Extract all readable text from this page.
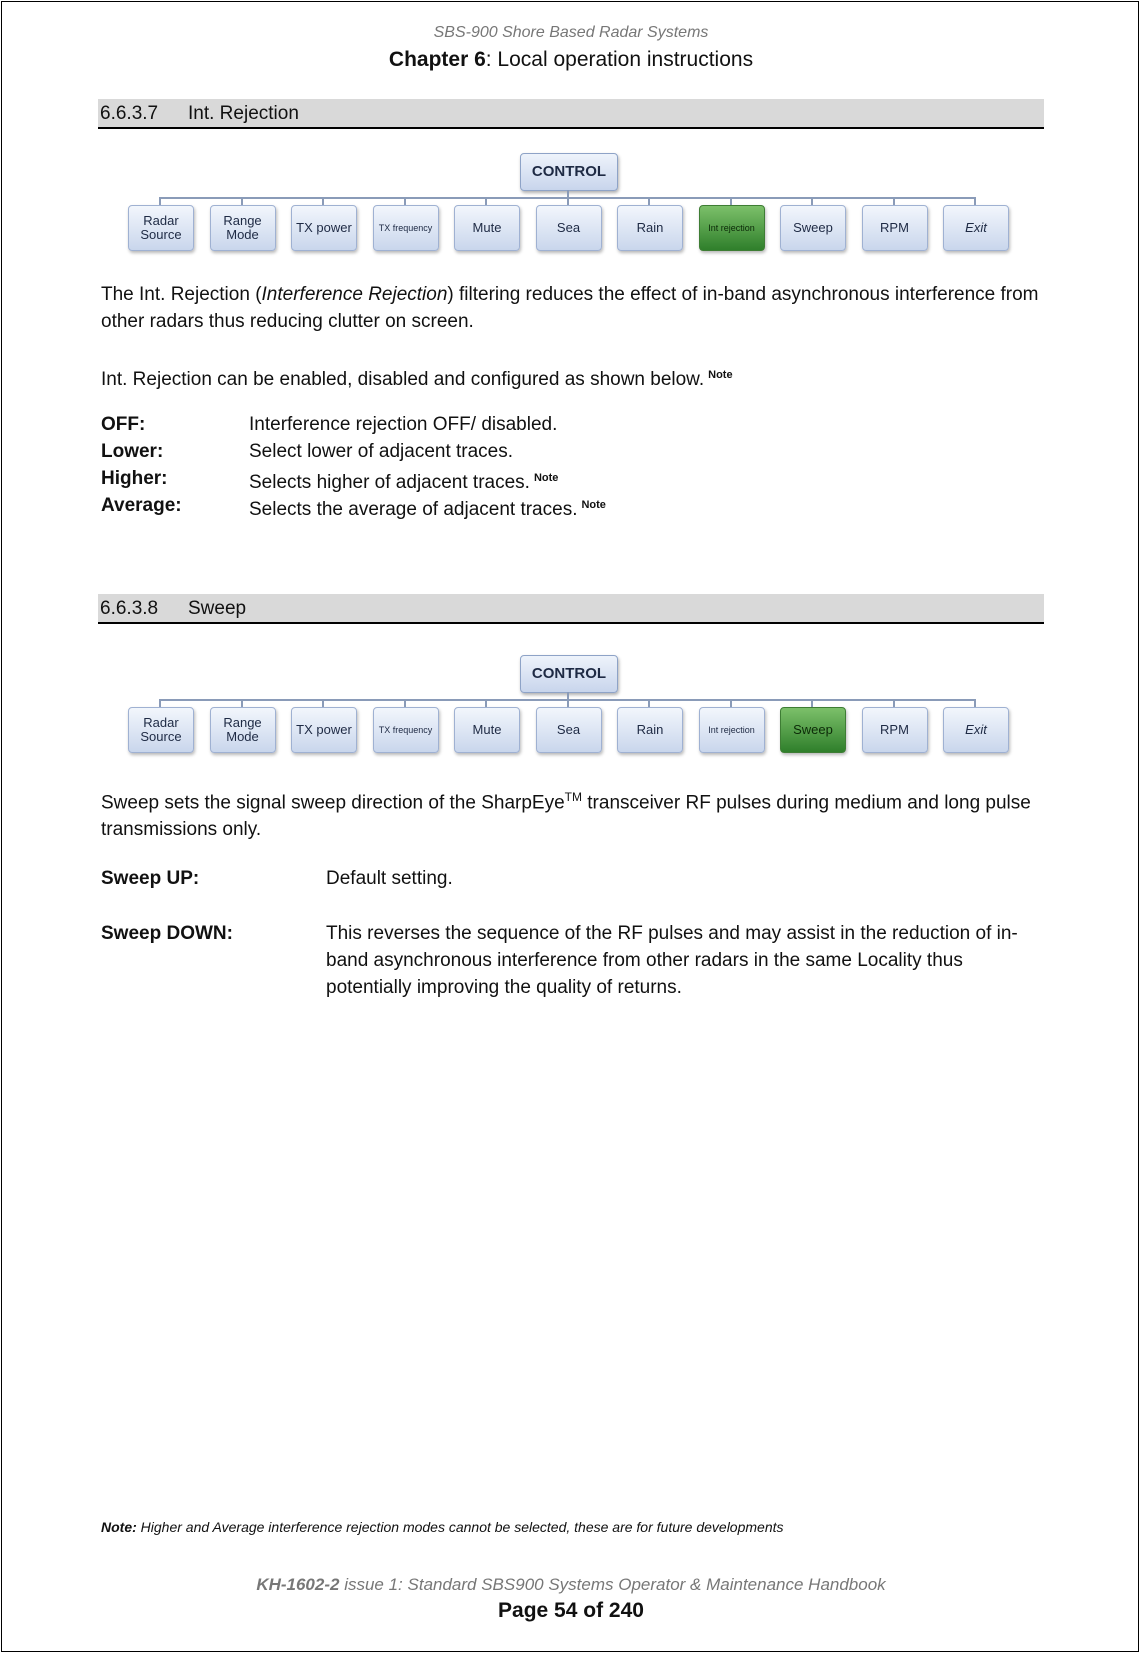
SBS-900 Shore Based Radar Systems
Chapter 6: Local operation instructions
6.6.3.7 Int. Rejection
CONTROL
Radar Source
Range Mode	TX power	TX frequency	Mute	Sea	Rain	Int rejection	Sweep	RPM	Exit
The Int. Rejection (Interference Rejection) filtering reduces the effect of in-band asynchronous interference from other radars thus reducing clutter on screen.
Int. Rejection can be enabled, disabled and configured as shown below. $^{Note}$
OFF:	Interference rejection OFF/ disabled.
Lower:	Select lower of adjacent traces.
Higher:	Selects higher of adjacent traces. $^{Note}$
Average:	Selects the average of adjacent traces. $^{Note}$
6.6.3.8 Sweep
CONTROL
Radar Source
Range Mode	TX power	TX frequency	Mute	Sea	Rain	Int rejection	Sweep	RPM	Exit
Sweep sets the signal sweep direction of the SharpEye™ transceiver RF pulses during medium and long pulse transmissions only.
Sweep UP:	Default setting.
Sweep DOWN:	This reverses the sequence of the RF pulses and may assist in the reduction of in-band asynchronous interference from other radars in the same Locality thus potentially improving the quality of returns.
Note: Higher and Average interference rejection modes cannot be selected, these are for future developments
KH-1602-2 issue 1: Standard SBS900 Systems Operator & Maintenance Handbook
Page 54 of 240
